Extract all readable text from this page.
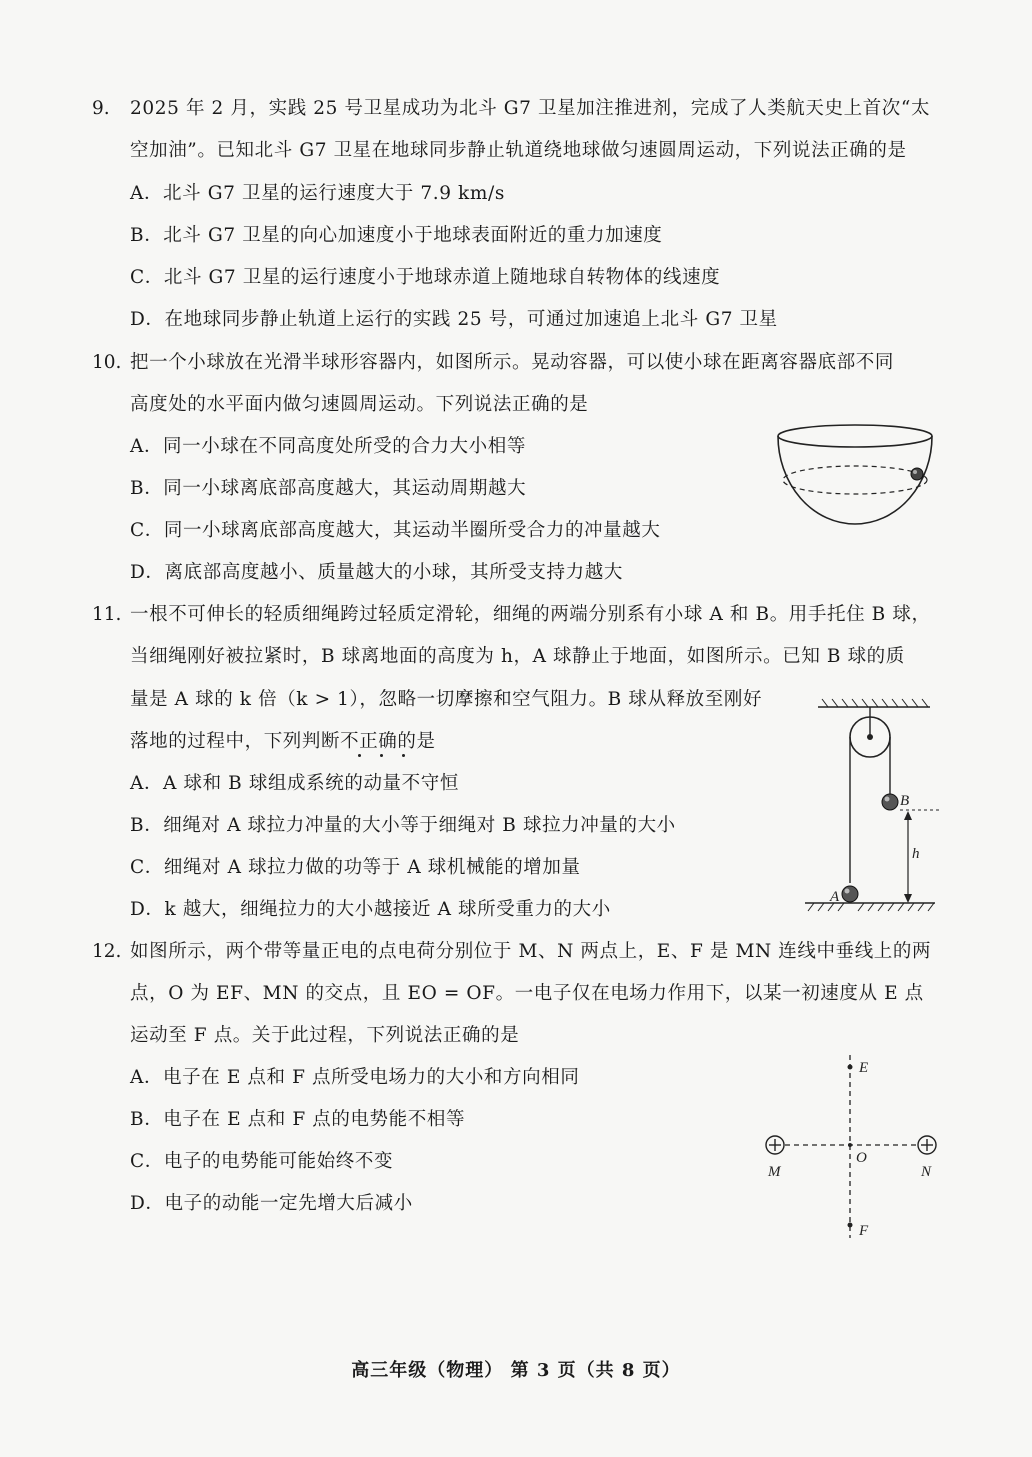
9. 2025 年 2 月，实践 25 号卫星成功为北斗 G7 卫星加注推进剂，完成了人类航天史上首次“太
空加油”。已知北斗 G7 卫星在地球同步静止轨道绕地球做匀速圆周运动，下列说法正确的是
A．北斗 G7 卫星的运行速度大于 7.9 km/s
B．北斗 G7 卫星的向心加速度小于地球表面附近的重力加速度
C．北斗 G7 卫星的运行速度小于地球赤道上随地球自转物体的线速度
D．在地球同步静止轨道上运行的实践 25 号，可通过加速追上北斗 G7 卫星
10. 把一个小球放在光滑半球形容器内，如图所示。晃动容器，可以使小球在距离容器底部不同
高度处的水平面内做匀速圆周运动。下列说法正确的是
A．同一小球在不同高度处所受的合力大小相等
B．同一小球离底部高度越大，其运动周期越大
C．同一小球离底部高度越大，其运动半圈所受合力的冲量越大
D．离底部高度越小、质量越大的小球，其所受支持力越大
11. 一根不可伸长的轻质细绳跨过轻质定滑轮，细绳的两端分别系有小球 A 和 B。用手托住 B 球，
当细绳刚好被拉紧时，B 球离地面的高度为 h，A 球静止于地面，如图所示。已知 B 球的质
量是 A 球的 k 倍（k > 1），忽略一切摩擦和空气阻力。B 球从释放至刚好
落地的过程中，下列判断不正确的是
A．A 球和 B 球组成系统的动量不守恒
B．细绳对 A 球拉力冲量的大小等于细绳对 B 球拉力冲量的大小
C．细绳对 A 球拉力做的功等于 A 球机械能的增加量
D．k 越大，细绳拉力的大小越接近 A 球所受重力的大小
B
h
A
12. 如图所示，两个带等量正电的点电荷分别位于 M、N 两点上，E、F 是 MN 连线中垂线上的两
点，O 为 EF、MN 的交点，且 EO = OF。一电子仅在电场力作用下，以某一初速度从 E 点
运动至 F 点。关于此过程，下列说法正确的是
A．电子在 E 点和 F 点所受电场力的大小和方向相同
B．电子在 E 点和 F 点的电势能不相等
C．电子的电势能可能始终不变
D．电子的动能一定先增大后减小
E
F
O
M	N
高三年级（物理） 第 3 页（共 8 页）
